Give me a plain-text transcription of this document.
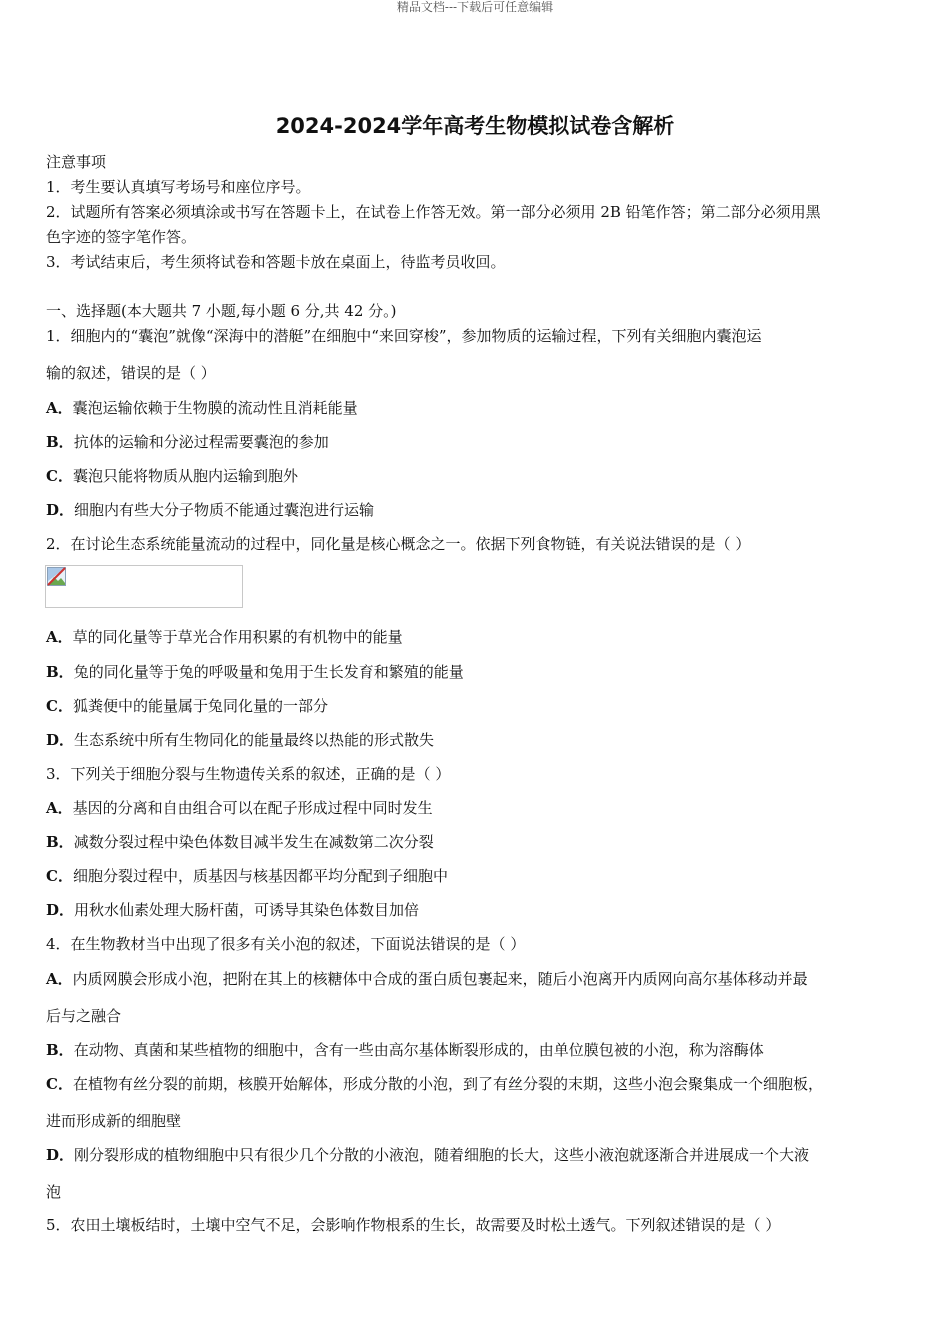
精品文档---下载后可任意编辑
2024-2024学年高考生物模拟试卷含解析
注意事项
1．考生要认真填写考场号和座位序号。
2．试题所有答案必须填涂或书写在答题卡上，在试卷上作答无效。第一部分必须用 2B 铅笔作答；第二部分必须用黑
色字迹的签字笔作答。
3．考试结束后，考生须将试卷和答题卡放在桌面上，待监考员收回。
一、选择题(本大题共 7 小题,每小题 6 分,共 42 分。)
1．细胞内的“囊泡”就像“深海中的潜艇”在细胞中“来回穿梭”，参加物质的运输过程，下列有关细胞内囊泡运
输的叙述，错误的是（ ）
A．囊泡运输依赖于生物膜的流动性且消耗能量
B．抗体的运输和分泌过程需要囊泡的参加
C．囊泡只能将物质从胞内运输到胞外
D．细胞内有些大分子物质不能通过囊泡进行运输
2．在讨论生态系统能量流动的过程中，同化量是核心概念之一。依据下列食物链，有关说法错误的是（ ）
A．草的同化量等于草光合作用积累的有机物中的能量
B．兔的同化量等于兔的呼吸量和兔用于生长发育和繁殖的能量
C．狐粪便中的能量属于兔同化量的一部分
D．生态系统中所有生物同化的能量最终以热能的形式散失
3．下列关于细胞分裂与生物遗传关系的叙述，正确的是（ ）
A．基因的分离和自由组合可以在配子形成过程中同时发生
B．减数分裂过程中染色体数目减半发生在减数第二次分裂
C．细胞分裂过程中，质基因与核基因都平均分配到子细胞中
D．用秋水仙素处理大肠杆菌，可诱导其染色体数目加倍
4．在生物教材当中出现了很多有关小泡的叙述，下面说法错误的是（ ）
A．内质网膜会形成小泡，把附在其上的核糖体中合成的蛋白质包裹起来，随后小泡离开内质网向高尔基体移动并最
后与之融合
B．在动物、真菌和某些植物的细胞中，含有一些由高尔基体断裂形成的，由单位膜包被的小泡，称为溶酶体
C．在植物有丝分裂的前期，核膜开始解体，形成分散的小泡，到了有丝分裂的末期，这些小泡会聚集成一个细胞板，
进而形成新的细胞壁
D．刚分裂形成的植物细胞中只有很少几个分散的小液泡，随着细胞的长大，这些小液泡就逐渐合并进展成一个大液
泡
5．农田土壤板结时，土壤中空气不足，会影响作物根系的生长，故需要及时松土透气。下列叙述错误的是（ ）
